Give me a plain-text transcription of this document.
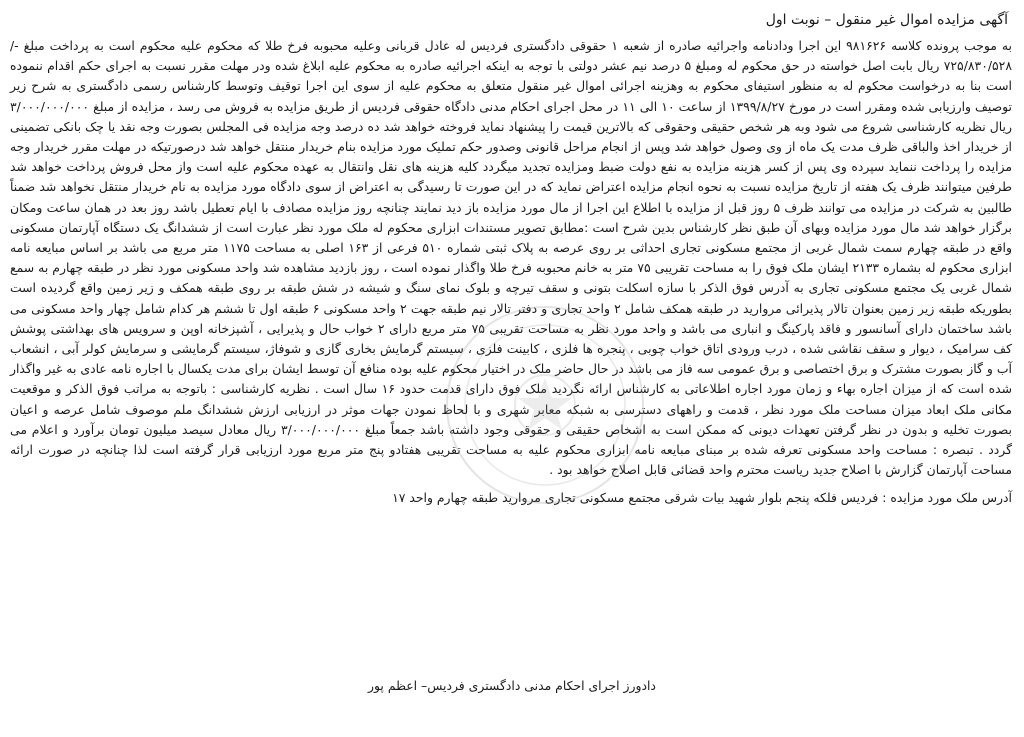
آگهی مزایده اموال غیر منقول – نوبت اول

به موجب پرونده کلاسه ۹۸۱۶۲۶ این اجرا ودادنامه واجرائیه صادره از شعبه ۱ حقوقی دادگستری فردیس له عادل قربانی وعلیه محبوبه فرخ طلا که محکوم علیه محکوم است به پرداخت مبلغ -/۷۲۵/۸۳۰/۵۲۸ ریال بابت اصل خواسته در حق محکوم له ومبلغ ۵ درصد نیم عشر دولتی با توجه به اینکه اجرائیه صادره به محکوم علیه ابلاغ شده ودر مهلت مقرر نسبت به اجرای حکم اقدام ننموده است بنا به درخواست محکوم له به منظور استیفای محکوم به وهزینه اجرائی اموال غیر منقول متعلق به محکوم علیه از سوی این اجرا توقیف وتوسط کارشناس رسمی دادگستری به شرح زیر توصیف وارزیابی شده ومقرر است در مورخ ۱۳۹۹/۸/۲۷ از ساعت ۱۰ الی ۱۱ در محل اجرای احکام مدنی دادگاه حقوقی فردیس از طریق مزایده به فروش می رسد ، مزایده از مبلغ ۳/۰۰۰/۰۰۰/۰۰۰ ریال نظریه کارشناسی شروع می شود وبه هر شخص حقیقی وحقوقی که بالاترین قیمت را پیشنهاد نماید فروخته خواهد شد ده درصد وجه مزایده فی المجلس بصورت وجه نقد یا چک بانکی تضمینی از خریدار اخذ والباقی ظرف مدت یک ماه از وی وصول خواهد شد وپس از انجام مراحل قانونی وصدور حکم تملیک مورد مزایده بنام خریدار منتقل خواهد شد درصورتیکه در مهلت مقرر خریدار وجه مزایده را پرداخت ننماید سپرده وی پس از کسر هزینه مزایده به نفع دولت ضبط ومزایده تجدید میگردد کلیه هزینه های نقل وانتقال به عهده محکوم علیه است واز محل فروش پرداخت خواهد شد طرفین میتوانند ظرف یک هفته از تاریخ مزایده نسبت به نحوه انجام مزایده اعتراض نماید که در این صورت تا رسیدگی به اعتراض از سوی دادگاه مورد مزایده به نام خریدار منتقل نخواهد شد ضمناً طالبین به شرکت در مزایده می توانند ظرف ۵ روز قبل از مزایده با اطلاع این اجرا از مال مورد مزایده باز دید نمایند چنانچه روز مزایده مصادف با ایام تعطیل باشد روز بعد در همان ساعت ومکان برگزار خواهد شد مال مورد مزایده وبهای آن طبق نظر کارشناس بدین شرح است :مطابق تصویر مستندات ابزاری محکوم له ملک مورد نظر عبارت است از ششدانگ یک دستگاه آپارتمان مسکونی واقع در طبقه چهارم سمت شمال غربی از مجتمع مسکونی تجاری احداثی بر روی عرصه به پلاک ثبتی شماره ۵۱۰ فرعی از ۱۶۳ اصلی به مساحت ۱۱۷۵ متر مربع می باشد بر اساس مبایعه نامه ابزاری محکوم له بشماره ۲۱۳۳ ایشان ملک فوق را به مساحت تقریبی ۷۵ متر به خانم محبوبه فرخ طلا واگذار نموده است ، روز بازدید مشاهده شد واحد مسکونی مورد نظر در طبقه چهارم به سمع شمال غربی یک مجتمع مسکونی تجاری به آدرس فوق الذکر با سازه اسکلت بتونی و سقف تیرچه و بلوک نمای سنگ و شیشه در شش طبقه بر روی طبقه همکف و زیر زمین واقع گردیده است بطوریکه طبقه زیر زمین بعنوان تالار پذیرائی مروارید در طبقه همکف شامل ۲ واحد تجاری و دفتر تالار نیم طبقه جهت ۲ واحد مسکونی ۶ طبقه اول تا ششم هر کدام شامل چهار واحد مسکونی می باشد ساختمان دارای آسانسور و فاقد پارکینگ و انباری می باشد و واحد مورد نظر به مساحت تقریبی ۷۵ متر مربع دارای ۲ خواب حال و پذیرایی ، آشپزخانه اوپن و سرویس های بهداشتی پوشش کف سرامیک ، دیوار و سقف نقاشی شده ، درب ورودی اتاق خواب چوبی ، پنجره ها فلزی ، کابینت فلزی ، سیستم گرمایش بخاری گازی و شوفاژ، سیستم گرمایشی و سرمایش کولر آبی ، انشعاب آب و گاز بصورت مشترک و برق اختصاصی و برق عمومی سه فاز می باشد در حال حاضر ملک در اختیار محکوم علیه بوده منافع آن توسط ایشان برای مدت یکسال با اجاره نامه عادی به غیر واگذار شده است که از میزان اجاره بهاء و زمان مورد اجاره اطلاعاتی به کارشناس ارائه نگردید ملک فوق دارای قدمت حدود ۱۶ سال است . نظریه کارشناسی : باتوجه به مراتب فوق الذکر و موقعیت مکانی ملک ابعاد میزان مساحت ملک مورد نظر ، قدمت و راههای دسترسی به شبکه معابر شهری و با لحاظ نمودن جهات موثر در ارزیابی ارزش ششدانگ ملم موصوف شامل عرصه و اعیان بصورت تخلیه و بدون در نظر گرفتن تعهدات دیونی که ممکن است به اشخاص حقیقی و حقوقی وجود داشته باشد جمعاً مبلغ ۳/۰۰۰/۰۰۰/۰۰۰ ریال معادل سیصد میلیون تومان برآورد و اعلام می گردد . تبصره : مساحت واحد مسکونی تعرفه شده بر مبنای مبایعه نامه ابزاری محکوم علیه به مساحت تقریبی هفتادو پنج متر مربع مورد ارزیابی قرار گرفته است لذا چنانچه در صورت ارائه مساحت آپارتمان گزارش با اصلاح جدید ریاست محترم واحد قضائی قابل اصلاح خواهد بود .

آدرس ملک مورد مزایده : فردیس فلکه پنجم بلوار شهید بیات شرقی مجتمع مسکونی تجاری مروارید طبقه چهارم واحد ۱۷

دادورز اجرای احکام مدنی دادگستری فردیس– اعظم پور
